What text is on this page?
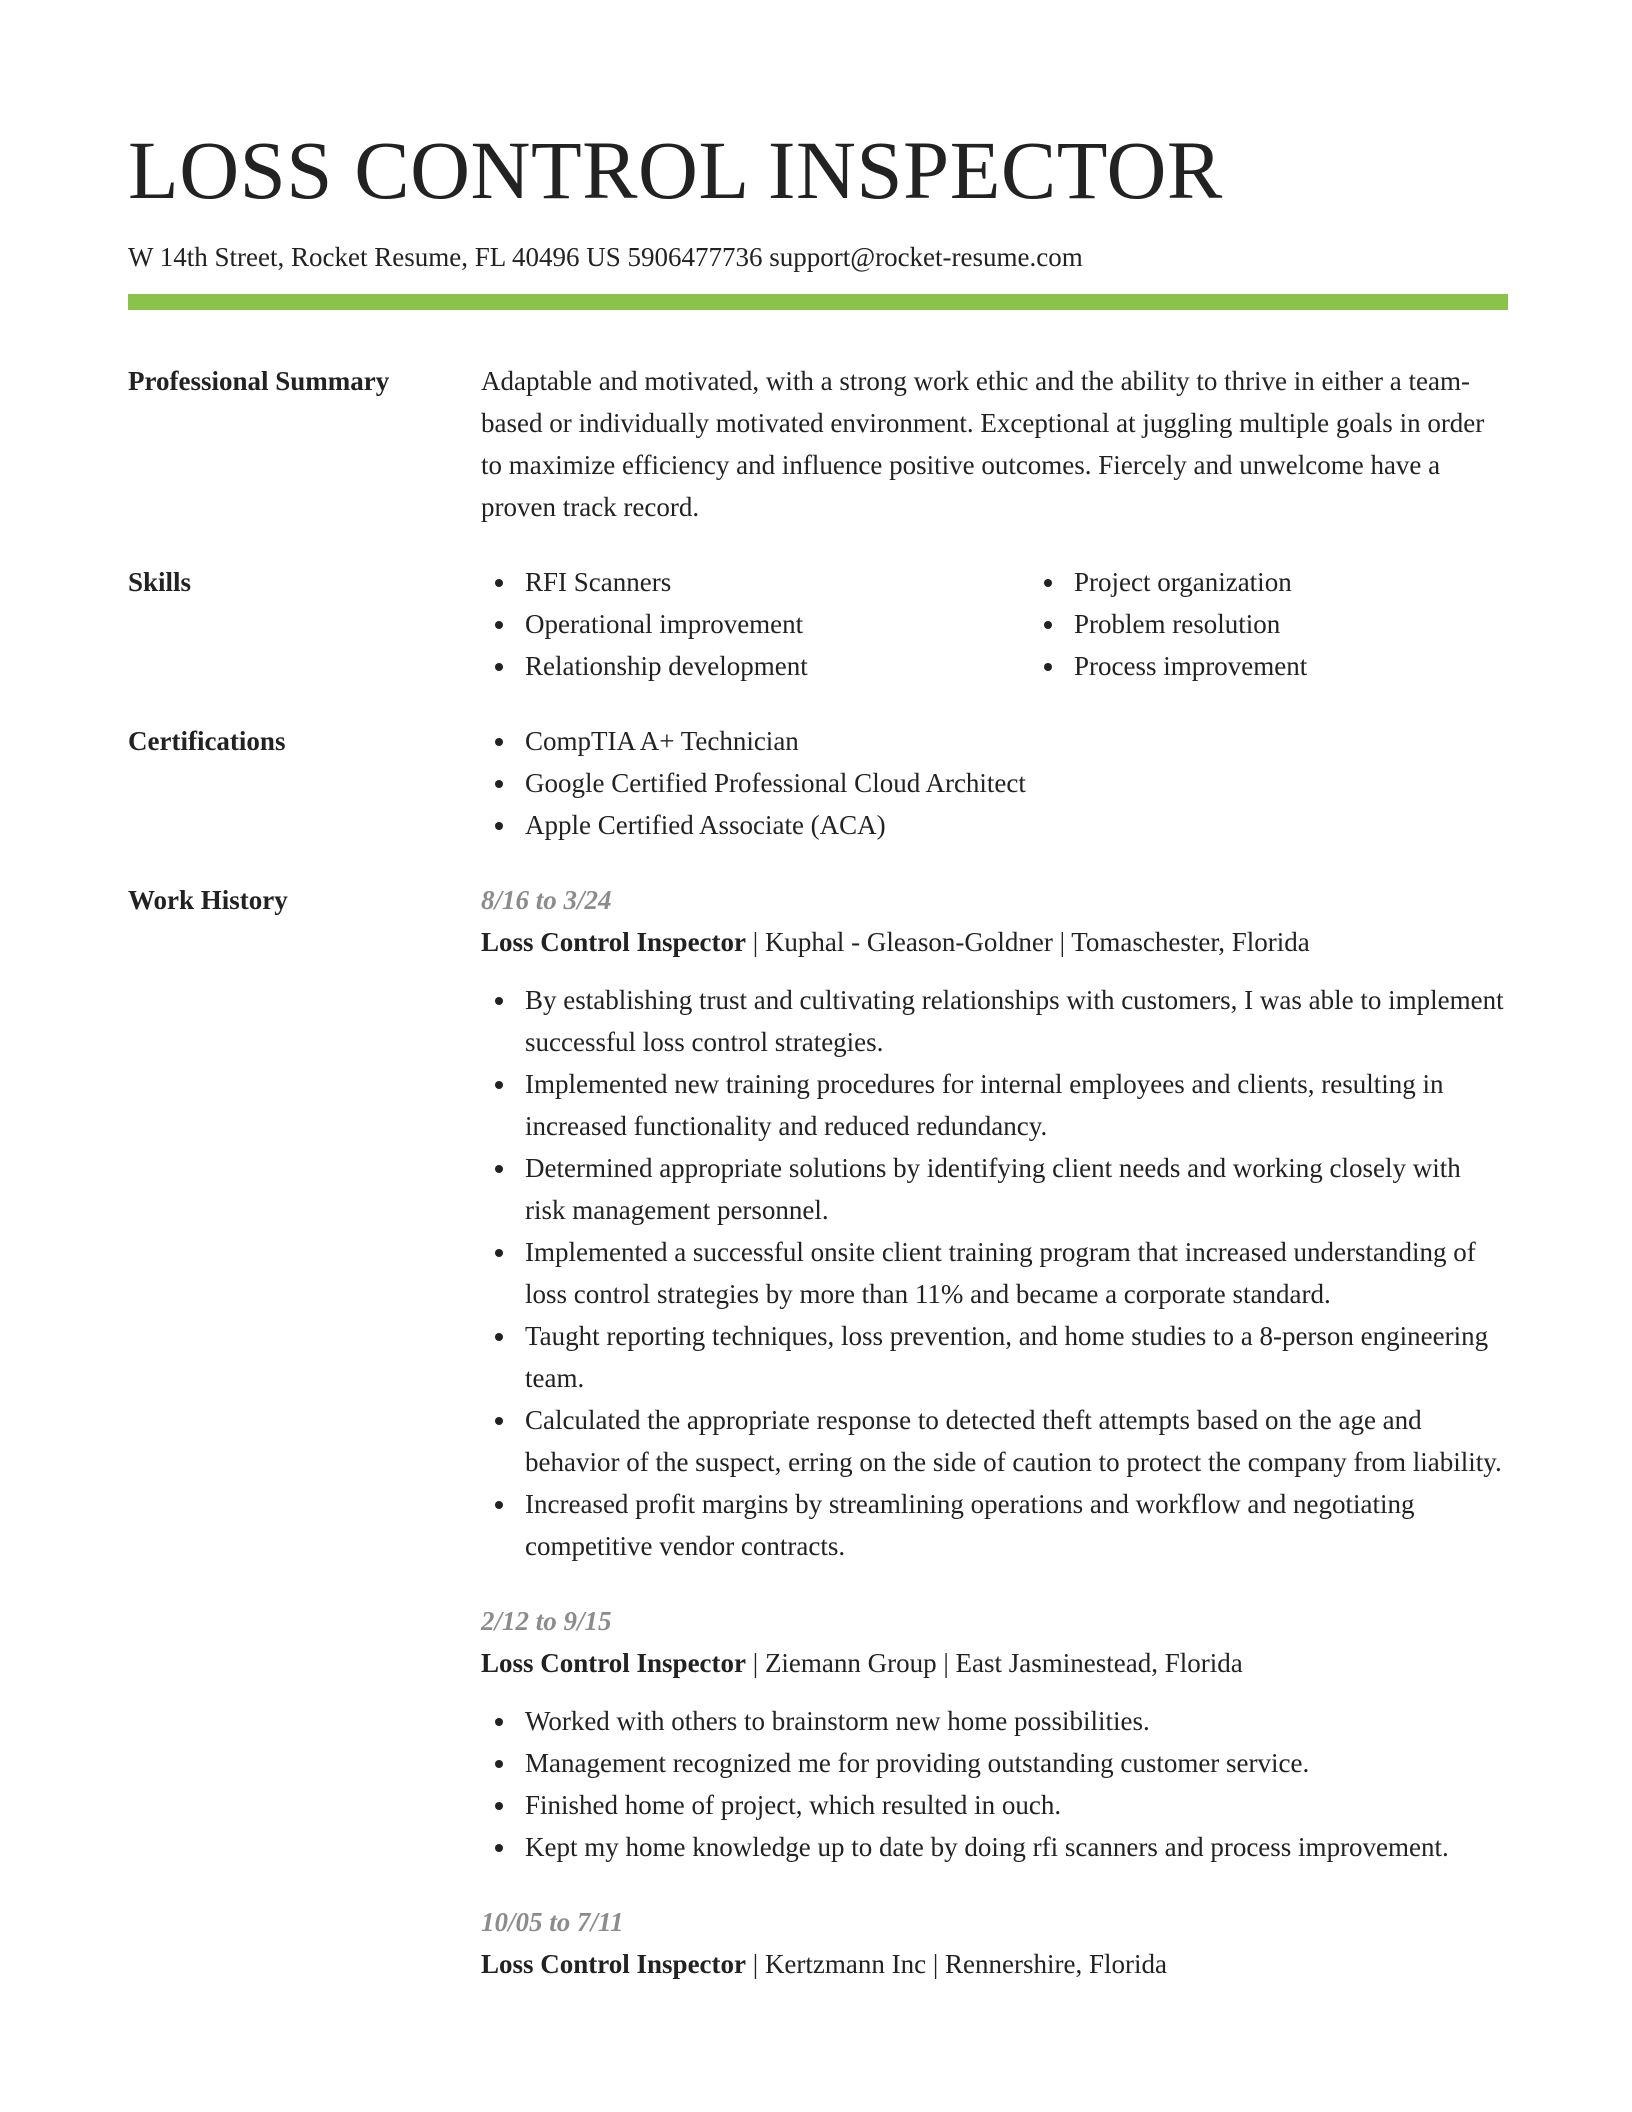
LOSS CONTROL INSPECTOR
W 14th Street, Rocket Resume, FL 40496 US 5906477736 support@rocket-resume.com
Professional Summary	Adaptable and motivated, with a strong work ethic and the ability to thrive in either a team-based or individually motivated environment. Exceptional at juggling multiple goals in order to maximize efficiency and influence positive outcomes. Fiercely and unwelcome have a proven track record.
Skills	RFI Scanners
Operational improvement
Relationship development
Project organization
Problem resolution
Process improvement
Certifications	CompTIA A+ Technician
Google Certified Professional Cloud Architect
Apple Certified Associate (ACA)
Work History	8/16 to 3/24
Loss Control Inspector | Kuphal - Gleason-Goldner | Tomaschester, Florida
By establishing trust and cultivating relationships with customers, I was able to implement successful loss control strategies.
Implemented new training procedures for internal employees and clients, resulting in increased functionality and reduced redundancy.
Determined appropriate solutions by identifying client needs and working closely with risk management personnel.
Implemented a successful onsite client training program that increased understanding of loss control strategies by more than 11% and became a corporate standard.
Taught reporting techniques, loss prevention, and home studies to a 8-person engineering team.
Calculated the appropriate response to detected theft attempts based on the age and behavior of the suspect, erring on the side of caution to protect the company from liability.
Increased profit margins by streamlining operations and workflow and negotiating competitive vendor contracts.
2/12 to 9/15
Loss Control Inspector | Ziemann Group | East Jasminestead, Florida
Worked with others to brainstorm new home possibilities.
Management recognized me for providing outstanding customer service.
Finished home of project, which resulted in ouch.
Kept my home knowledge up to date by doing rfi scanners and process improvement.
10/05 to 7/11
Loss Control Inspector | Kertzmann Inc | Rennershire, Florida
